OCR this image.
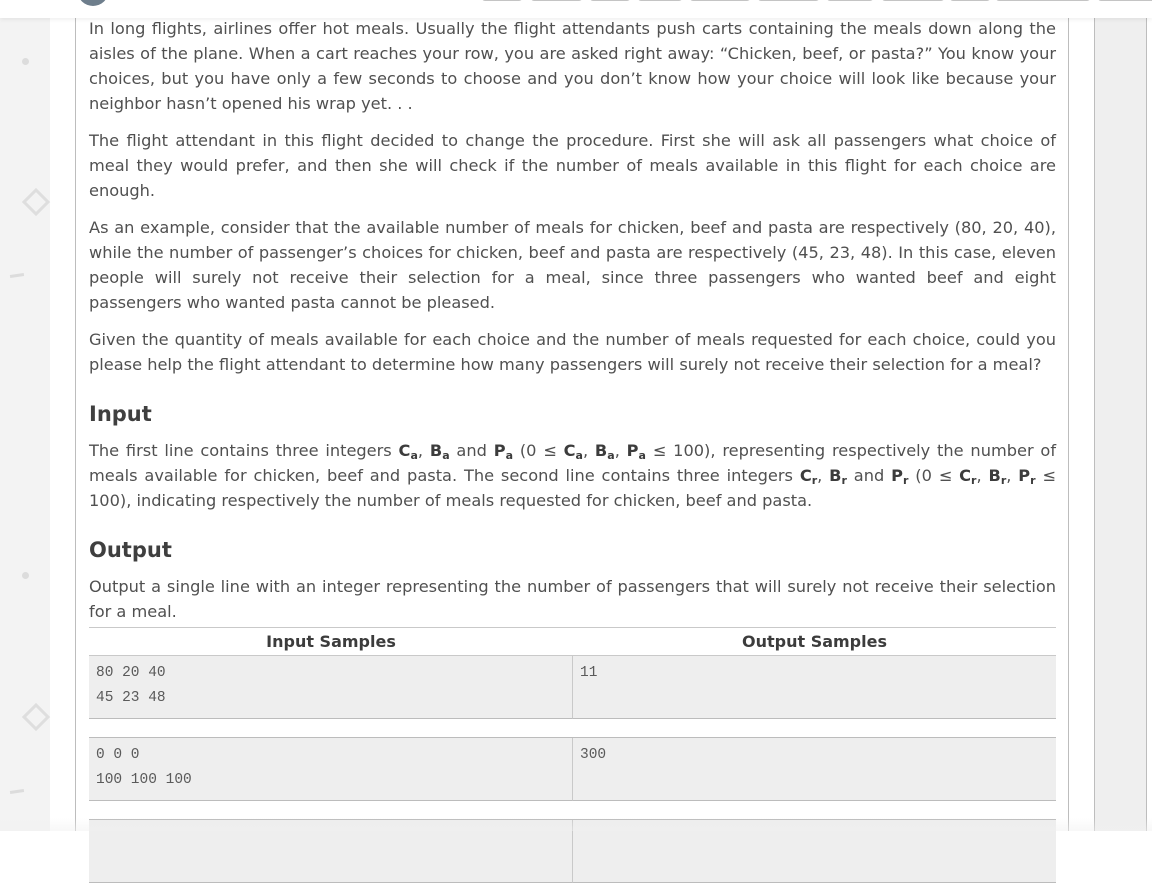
In long flights, airlines offer hot meals. Usually the flight attendants push carts containing the meals down along the aisles of the plane. When a cart reaches your row, you are asked right away: “Chicken, beef, or pasta?” You know your choices, but you have only a few seconds to choose and you don’t know how your choice will look like because your neighbor hasn’t opened his wrap yet. . .

The flight attendant in this flight decided to change the procedure. First she will ask all passengers what choice of meal they would prefer, and then she will check if the number of meals available in this flight for each choice are enough.

As an example, consider that the available number of meals for chicken, beef and pasta are respectively (80, 20, 40), while the number of passenger’s choices for chicken, beef and pasta are respectively (45, 23, 48). In this case, eleven people will surely not receive their selection for a meal, since three passengers who wanted beef and eight passengers who wanted pasta cannot be pleased.

Given the quantity of meals available for each choice and the number of meals requested for each choice, could you please help the flight attendant to determine how many passengers will surely not receive their selection for a meal?

Input

The first line contains three integers $C_a$, $B_a$ and $P_a$ ($0 \le C_a$, $B_a$, $P_a \le 100$), representing respectively the number of meals available for chicken, beef and pasta. The second line contains three integers $C_r$, $B_r$ and $P_r$ ($0 \le C_r$, $B_r$, $P_r \le 100$), indicating respectively the number of meals requested for chicken, beef and pasta.

Output

Output a single line with an integer representing the number of passengers that will surely not receive their selection for a meal.

Input Samples	Output Samples

80 20 40
45 23 48	11

0 0 0
100 100 100	300
